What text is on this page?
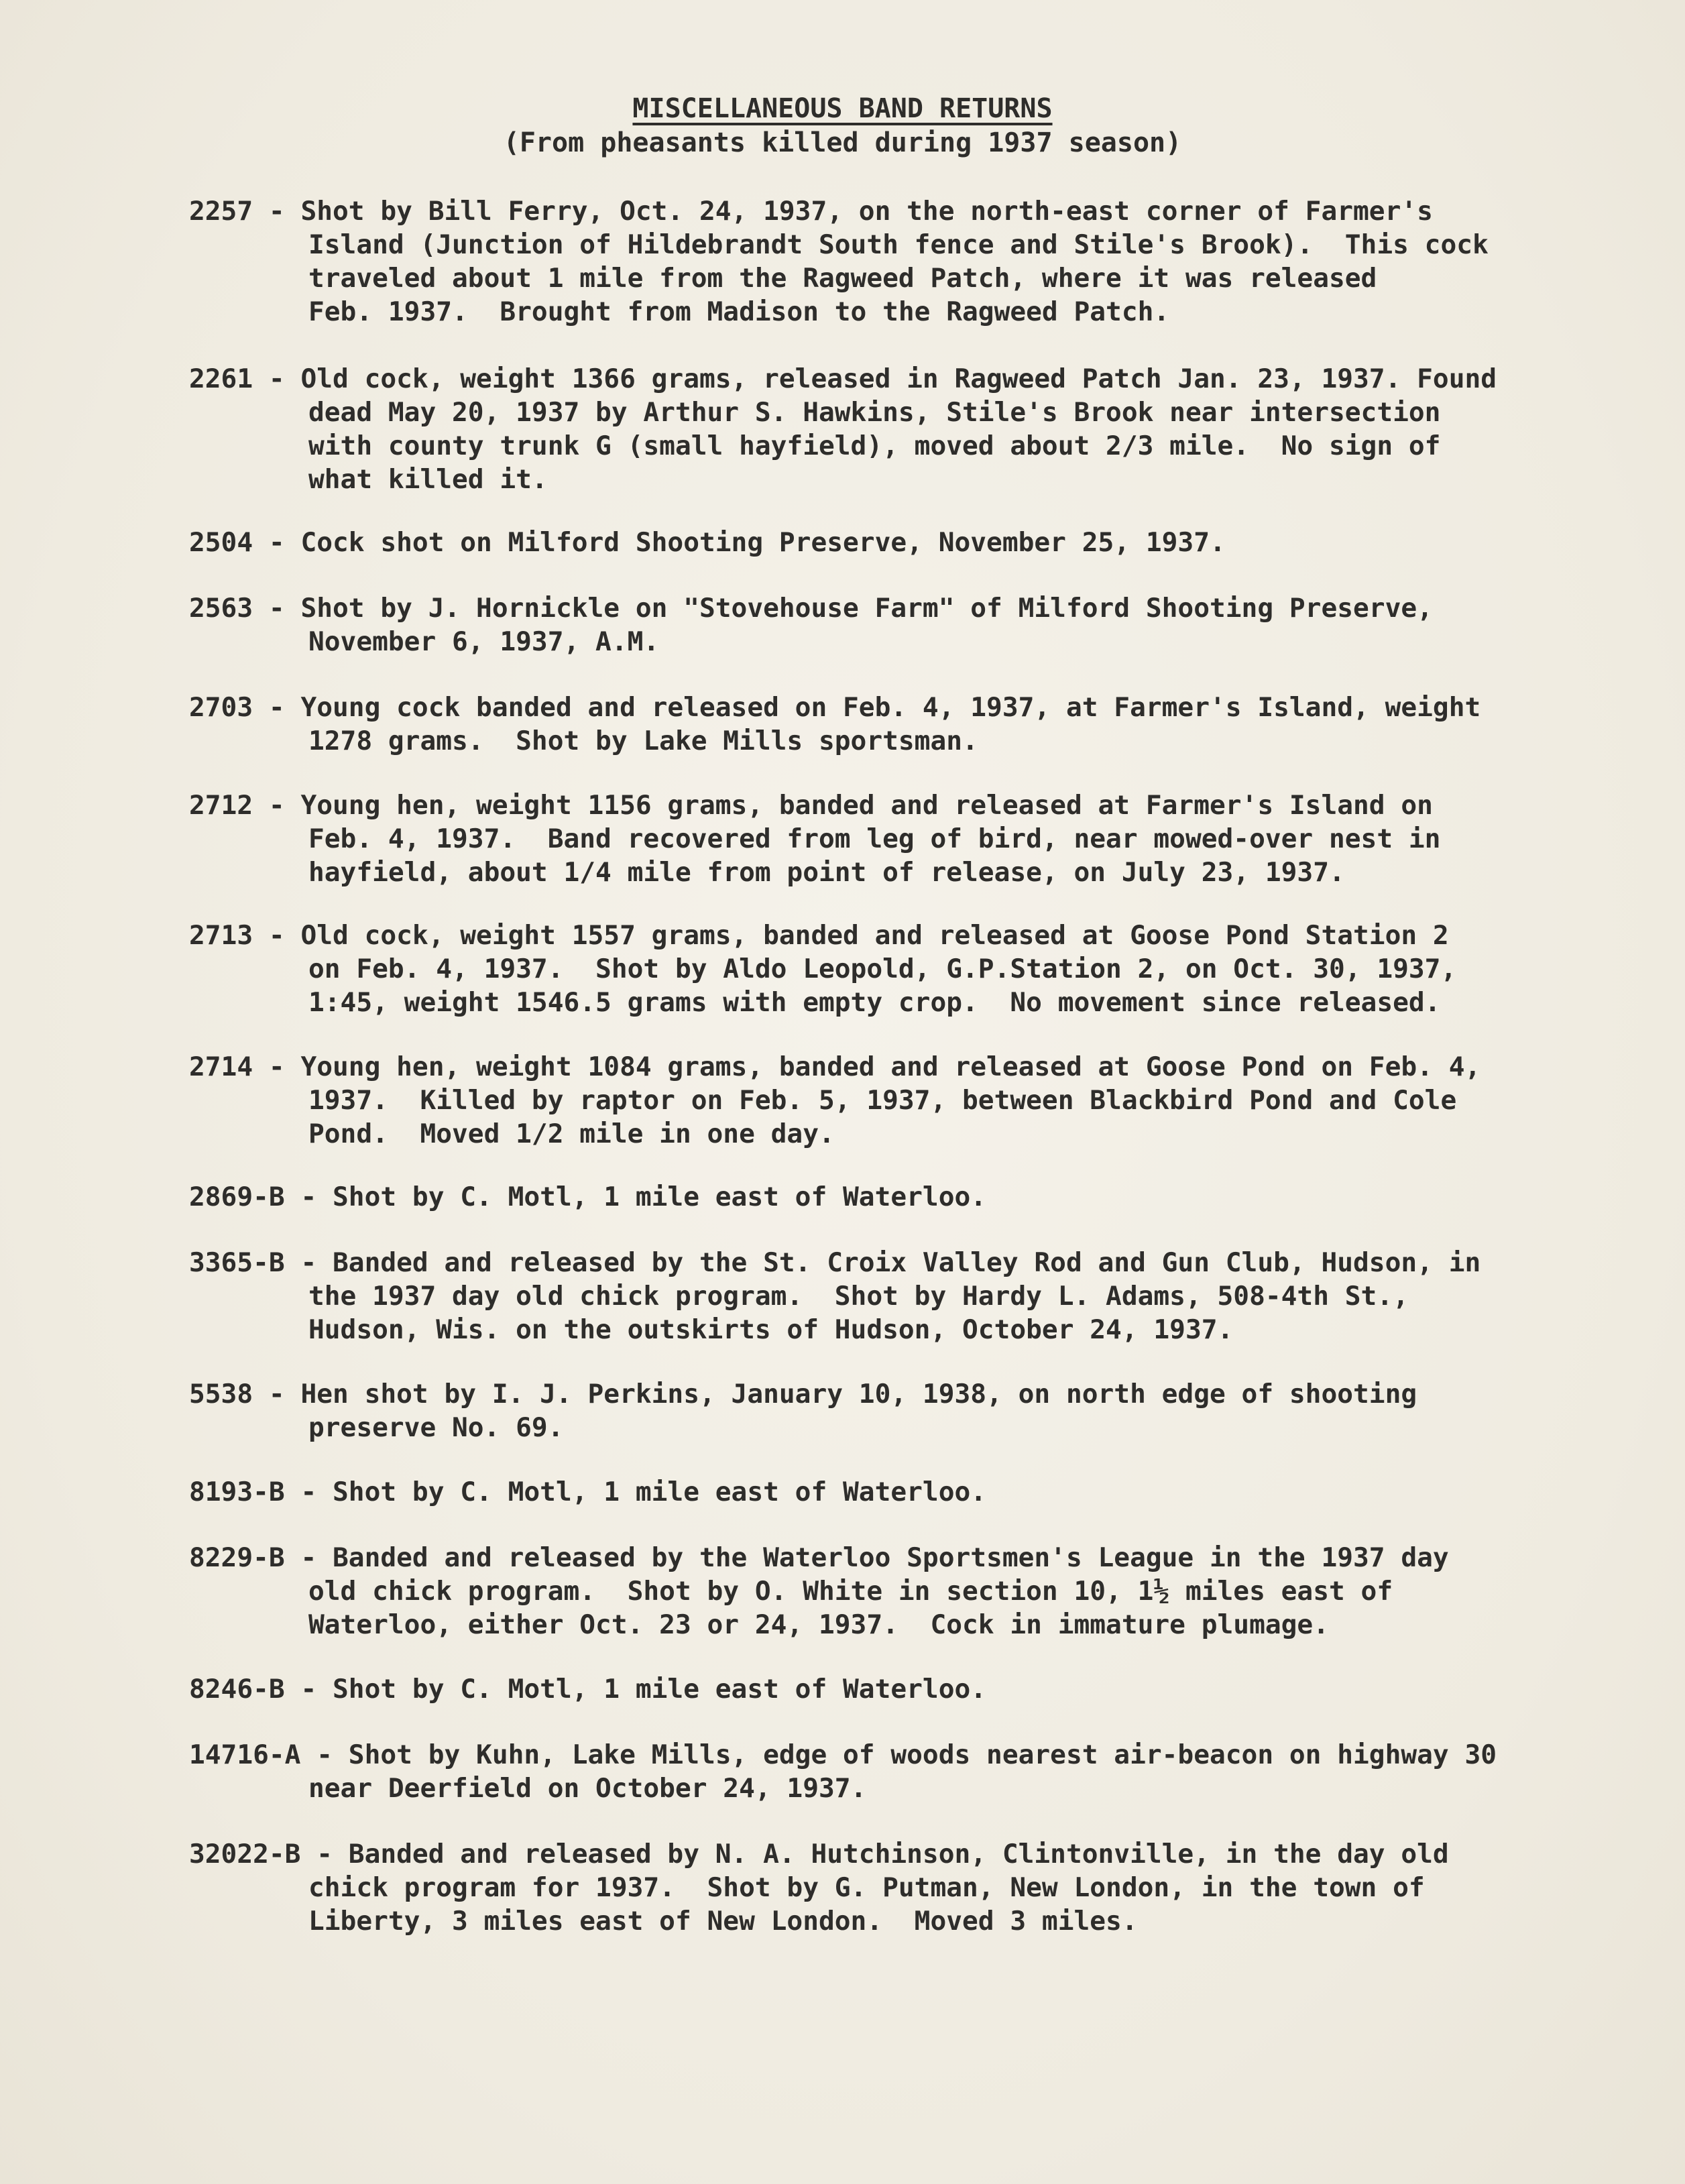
MISCELLANEOUS BAND RETURNS
(From pheasants killed during 1937 season)
2257 - Shot by Bill Ferry, Oct. 24, 1937, on the north-east corner of Farmer's
Island (Junction of Hildebrandt South fence and Stile's Brook).  This cock
traveled about 1 mile from the Ragweed Patch, where it was released
Feb. 1937.  Brought from Madison to the Ragweed Patch.
2261 - Old cock, weight 1366 grams, released in Ragweed Patch Jan. 23, 1937. Found
dead May 20, 1937 by Arthur S. Hawkins, Stile's Brook near intersection
with county trunk G (small hayfield), moved about 2/3 mile.  No sign of
what killed it.
2504 - Cock shot on Milford Shooting Preserve, November 25, 1937.
2563 - Shot by J. Hornickle on "Stovehouse Farm" of Milford Shooting Preserve,
November 6, 1937, A.M.
2703 - Young cock banded and released on Feb. 4, 1937, at Farmer's Island, weight
1278 grams.  Shot by Lake Mills sportsman.
2712 - Young hen, weight 1156 grams, banded and released at Farmer's Island on
Feb. 4, 1937.  Band recovered from leg of bird, near mowed-over nest in
hayfield, about 1/4 mile from point of release, on July 23, 1937.
2713 - Old cock, weight 1557 grams, banded and released at Goose Pond Station 2
on Feb. 4, 1937.  Shot by Aldo Leopold, G.P.Station 2, on Oct. 30, 1937,
1:45, weight 1546.5 grams with empty crop.  No movement since released.
2714 - Young hen, weight 1084 grams, banded and released at Goose Pond on Feb. 4,
1937.  Killed by raptor on Feb. 5, 1937, between Blackbird Pond and Cole
Pond.  Moved 1/2 mile in one day.
2869-B - Shot by C. Motl, 1 mile east of Waterloo.
3365-B - Banded and released by the St. Croix Valley Rod and Gun Club, Hudson, in
the 1937 day old chick program.  Shot by Hardy L. Adams, 508-4th St.,
Hudson, Wis. on the outskirts of Hudson, October 24, 1937.
5538 - Hen shot by I. J. Perkins, January 10, 1938, on north edge of shooting
preserve No. 69.
8193-B - Shot by C. Motl, 1 mile east of Waterloo.
8229-B - Banded and released by the Waterloo Sportsmen's League in the 1937 day
old chick program.  Shot by O. White in section 10, 1½ miles east of
Waterloo, either Oct. 23 or 24, 1937.  Cock in immature plumage.
8246-B - Shot by C. Motl, 1 mile east of Waterloo.
14716-A - Shot by Kuhn, Lake Mills, edge of woods nearest air-beacon on highway 30
near Deerfield on October 24, 1937.
32022-B - Banded and released by N. A. Hutchinson, Clintonville, in the day old
chick program for 1937.  Shot by G. Putman, New London, in the town of
Liberty, 3 miles east of New London.  Moved 3 miles.
